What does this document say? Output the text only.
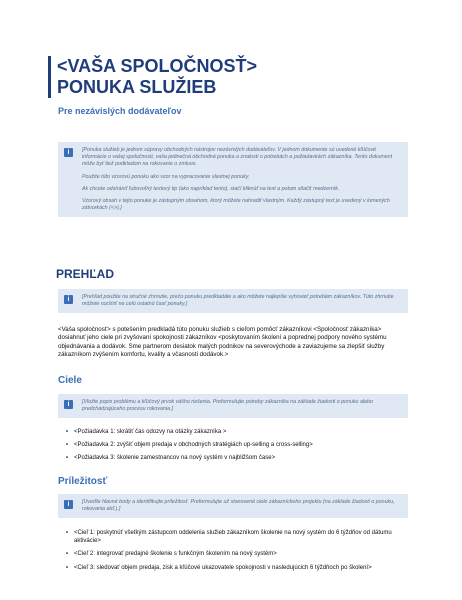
<VAŠA SPOLOČNOSŤ>

PONUKA SLUŽIEB

Pre nezávislých dodávateľov
i	[Ponuka služieb je jedrom súpravy obchodných nástrojov nezávislých dodávateľov. V jednom dokumente sú uvedené kľúčové informácie o vašej spoločnosti, vaša jedinečná obchodná ponuka a znalosti o potrebách a požiadavkách zákazníka. Tento dokument môže byť tiež podkladom na rokovanie o zmluve.

Použite túto vzorovú ponuku ako vzor na vypracovanie vlastnej ponuky.

Ak chcete odstrániť ľubovoľný textový tip (ako napríklad tento), stačí kliknúť na text a potom stlačiť medzerník.

Vzorový obsah v tejto ponuke je zástupným obsahom, ktorý môžete nahradiť vlastným. Každý zástupný text je uvedený v lomených zátvorkách (<>).]

PREHĽAD
i	[Prehľad použite na stručné zhrnutie, prečo ponuku predkladáte a ako môžete najlepšie vyhovieť potrebám zákazníkov. Túto zhrnutie môžete rozšíriť na celú ostatnú časť ponuky.]

<Vaša spoločnosť> s potešením predkladá túto ponuku služieb s cieľom pomôcť zákazníkovi <Spoločnosť zákazníka> dosiahnuť jeho ciele pri zvyšovaní spokojnosti zákazníkov <poskytovaním školení a poprednej podpory nového systému objednávania a dodávok. Sme partnerom desiatok malých podnikov na severovýchode a zaviazujeme sa zlepšiť služby zákazníkom zvýšením komfortu, kvality a včasnosti dodávok.>

Ciele
i	[Vložte popis problému a kľúčový prvok vášho riešenia. Preformulujte potreby zákazníka na základe žiadosti o ponuku alebo predchádzajúceho procesu rokovania.]

• <Požiadavka 1: skrátiť čas odozvy na otázky zákazníka >
• <Požiadavka 2: zvýšiť objem predaja v obchodných stratégiách up-selling a cross-selling>
• <Požiadavka 3: školenie zamestnancov na nový systém v najbližšom čase>
Príležitosť
i	[Uveďte hlavné body a identifikujte príležitosť. Preformulujte už stanovené ciele zákazníckeho projektu (na základe žiadosti o ponuku, rokovania atď.).]

• <Cieľ 1: poskytnúť všetkým zástupcom oddelenia služieb zákazníkom školenie na nový systém do 6 týždňov od dátumu aktivácie>
• <Cieľ 2: integrovať predajné školenie s funkčným školením na nový systém>
• <Cieľ 3: sledovať objem predaja, zisk a kľúčové ukazovatele spokojnosti v nasledujúcich 6 týždňoch po školení>
